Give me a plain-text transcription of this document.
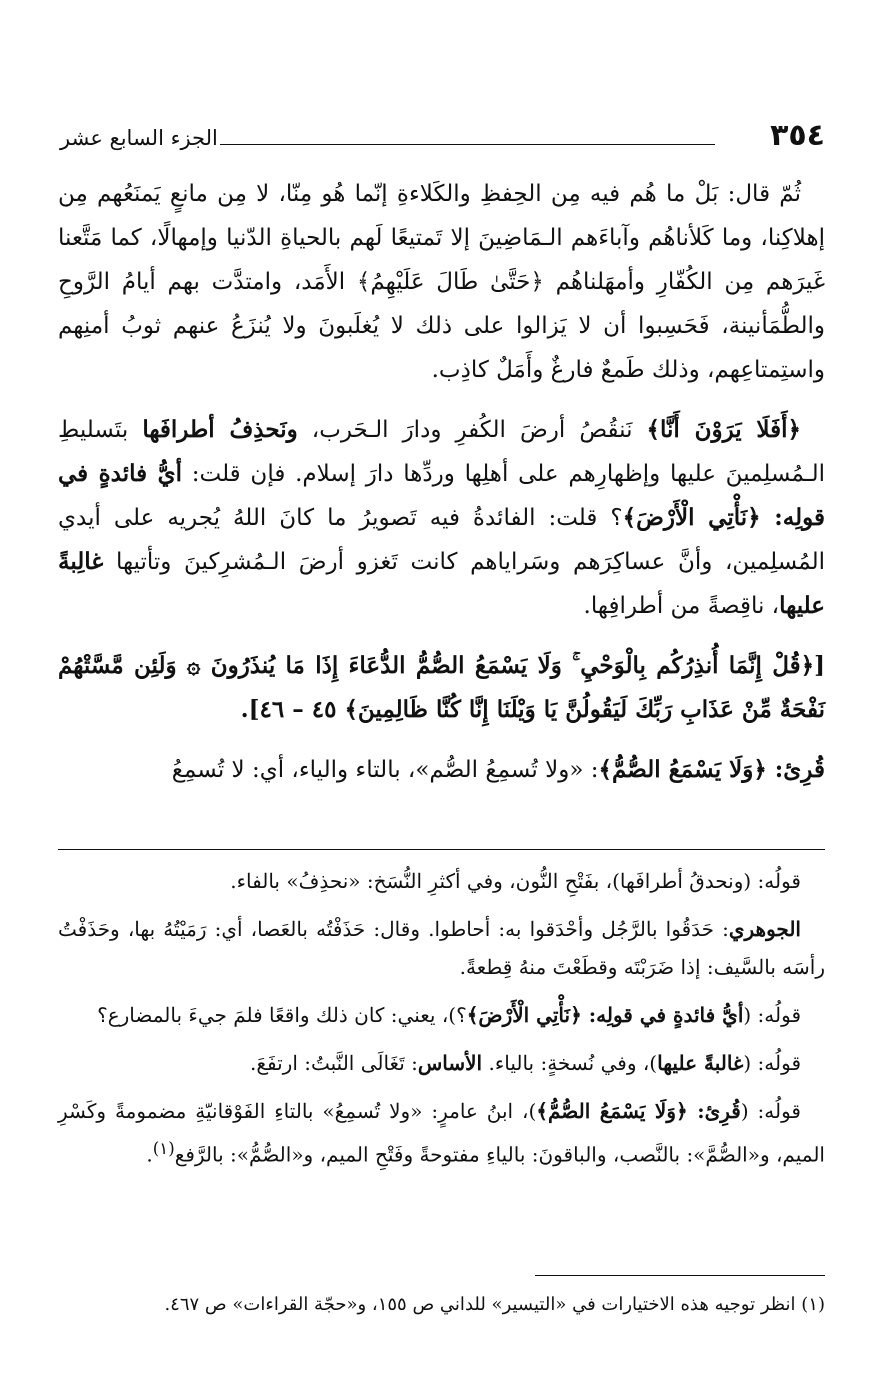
٣٥٤
الجزء السابع عشر

ثُمّ قال: بَلْ ما هُم فيه مِن الحِفظِ والكَلاءةِ إنّما هُو مِنّا، لا مِن مانعٍ يَمنَعُهم مِن إهلاكِنا، وما كَلأناهُم وآباءَهم الـمَاضِينَ إلا تَمتيعًا لَهم بالحياةِ الدّنيا وإمهالًا، كما مَتَّعنا غَيرَهم مِن الكُفّارِ وأمهَلناهُم ﴿حَتَّىٰ طَالَ عَلَيْهِمُ﴾ الأَمَد، وامتدَّت بهم أيامُ الرَّوحِ والطُّمَأنينة، فَحَسِبوا أن لا يَزالوا على ذلك لا يُغلَبونَ ولا يُنزَعُ عنهم ثوبُ أمنِهم واستِمتاعِهم، وذلك طَمعٌ فارغٌ وأَمَلٌ كاذِب.

﴿أَفَلَا يَرَوْنَ أَنَّا﴾ نَنقُصُ أرضَ الكُفرِ ودارَ الـحَرب، ونَحذِفُ أطرافَها بتَسليطِ الـمُسلِمينَ عليها وإظهارِهم على أهلِها وردِّها دارَ إسلام. فإن قلت: أيُّ فائدةٍ في قولِه: ﴿نَأْتِي الْأَرْضَ﴾؟ قلت: الفائدةُ فيه تَصويرُ ما كانَ اللهُ يُجريه على أيدي المُسلِمين، وأنَّ عساكِرَهم وسَراياهم كانت تَغزو أرضَ الـمُشرِكينَ وتأتيها غالِبةً عليها، ناقِصةً من أطرافِها.

[﴿قُلْ إِنَّمَا أُنذِرُكُم بِالْوَحْيِ ۚ وَلَا يَسْمَعُ الصُّمُّ الدُّعَاءَ إِذَا مَا يُنذَرُونَ ۞ وَلَئِن مَّسَّتْهُمْ نَفْحَةٌ مِّنْ عَذَابِ رَبِّكَ لَيَقُولُنَّ يَا وَيْلَنَا إِنَّا كُنَّا ظَالِمِينَ﴾ ٤٥ – ٤٦].

قُرِئ: ﴿وَلَا يَسْمَعُ الصُّمُّ﴾: «ولا تُسمِعُ الصُّم»، بالتاء والياء، أي: لا تُسمِعُ

قولُه: (ونحدقُ أطرافَها)، بفَتْحِ النُّون، وفي أكثرِ النُّسَخ: «نحذِفُ» بالفاء.

الجوهري: حَدَقُوا بالرَّجُل وأحْدَقوا به: أحاطوا. وقال: حَذَفْتُه بالعَصا، أي: رَمَيْتُهُ بها، وحَذَفْتُ رأسَه بالسَّيف: إذا ضَرَبْتَه وقطَعْتَ منهُ قِطعةً.

قولُه: (أيُّ فائدةٍ في قولِه: ﴿نَأْتِي الْأَرْضَ﴾؟)، يعني: كان ذلك واقعًا فلمَ جيءَ بالمضارع؟

قولُه: (غالبةً عليها)، وفي نُسخةٍ: بالياء. الأساس: تَغَالَى النَّبتُ: ارتفَعَ.

قولُه: (قُرِئ: ﴿وَلَا يَسْمَعُ الصُّمُّ﴾)، ابنُ عامرٍ: «ولا تُسمِعُ» بالتاءِ الفَوْقانيّةِ مضمومةً وكَسْرِ الميم، و«الصُّمَّ»: بالنَّصب، والباقونَ: بالياءِ مفتوحةً وفَتْحِ الميم، و«الصُّمُّ»: بالرَّفع$^{(١)}$.

(١) انظر توجيه هذه الاختيارات في «التيسير» للداني ص ١٥٥، و«حجّة القراءات» ص ٤٦٧.
